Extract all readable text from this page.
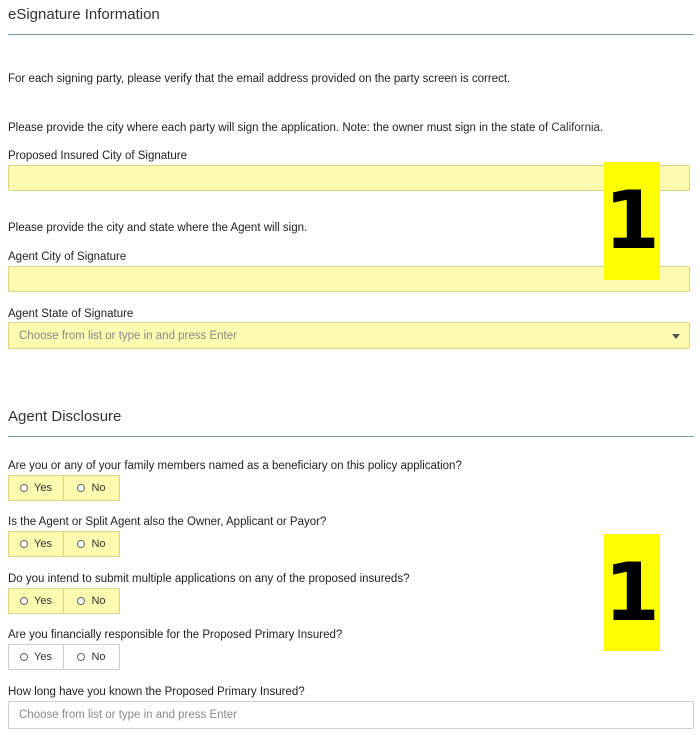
eSignature Information
For each signing party, please verify that the email address provided on the party screen is correct.
Please provide the city where each party will sign the application. Note: the owner must sign in the state of California.
Proposed Insured City of Signature
Please provide the city and state where the Agent will sign.
Agent City of Signature
Agent State of Signature
Choose from list or type in and press Enter
Agent Disclosure
Are you or any of your family members named as a beneficiary on this policy application?
Yes	No
Is the Agent or Split Agent also the Owner, Applicant or Payor?
Yes	No
Do you intend to submit multiple applications on any of the proposed insureds?
Yes	No
Are you financially responsible for the Proposed Primary Insured?
Yes	No
How long have you known the Proposed Primary Insured?
Choose from list or type in and press Enter
1
1
